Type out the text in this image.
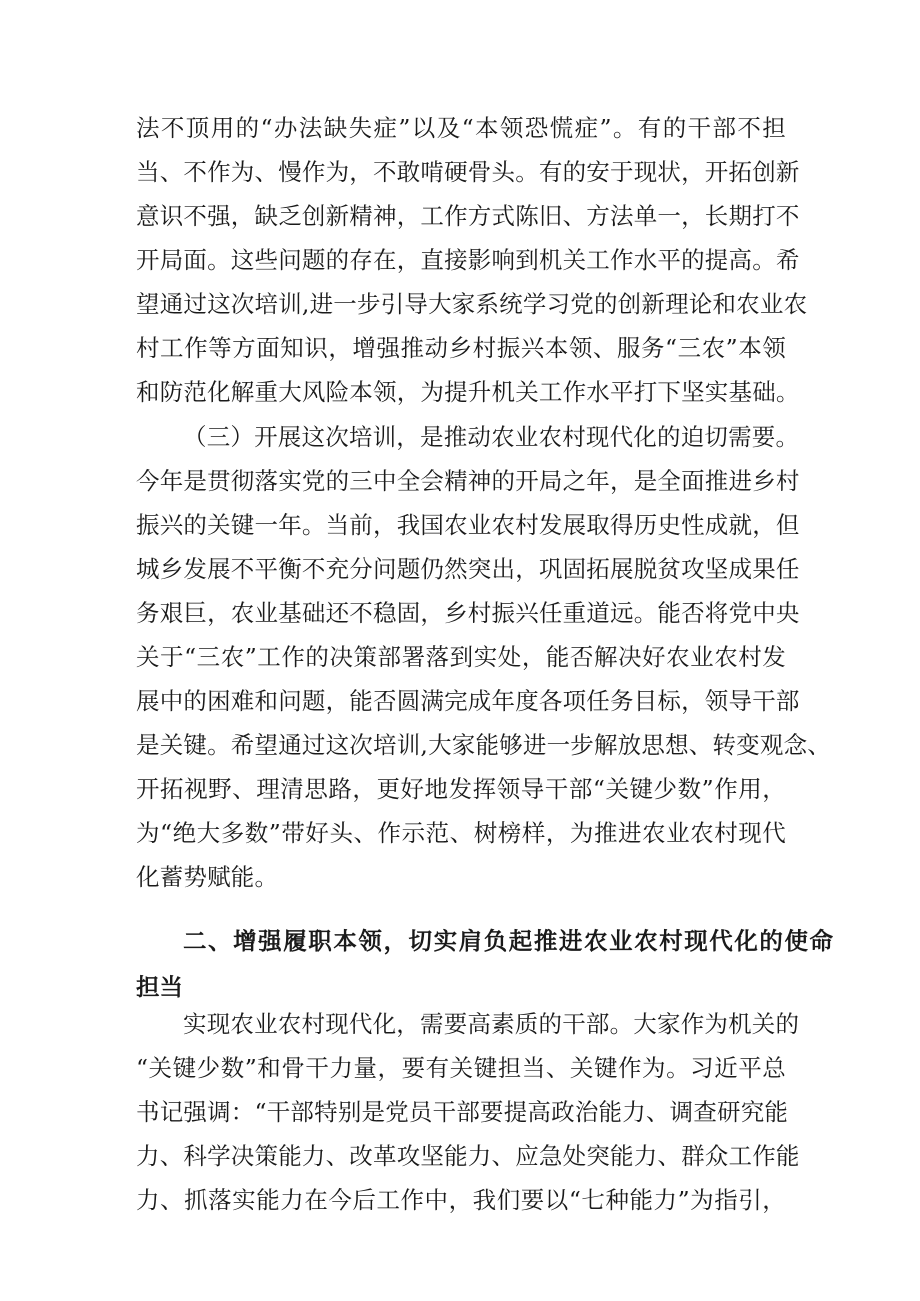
法不顶用的“办法缺失症”以及“本领恐慌症”。有的干部不担
当、不作为、慢作为，不敢啃硬骨头。有的安于现状，开拓创新
意识不强，缺乏创新精神，工作方式陈旧、方法单一，长期打不
开局面。这些问题的存在，直接影响到机关工作水平的提高。希
望通过这次培训,进一步引导大家系统学习党的创新理论和农业农
村工作等方面知识，增强推动乡村振兴本领、服务“三农”本领
和防范化解重大风险本领，为提升机关工作水平打下坚实基础。
（三）开展这次培训，是推动农业农村现代化的迫切需要。
今年是贯彻落实党的三中全会精神的开局之年，是全面推进乡村
振兴的关键一年。当前，我国农业农村发展取得历史性成就，但
城乡发展不平衡不充分问题仍然突出，巩固拓展脱贫攻坚成果任
务艰巨，农业基础还不稳固，乡村振兴任重道远。能否将党中央
关于“三农”工作的决策部署落到实处，能否解决好农业农村发
展中的困难和问题，能否圆满完成年度各项任务目标，领导干部
是关键。希望通过这次培训,大家能够进一步解放思想、转变观念、
开拓视野、理清思路，更好地发挥领导干部“关键少数”作用，
为“绝大多数”带好头、作示范、树榜样，为推进农业农村现代
化蓄势赋能。
二、增强履职本领，切实肩负起推进农业农村现代化的使命
担当
实现农业农村现代化，需要高素质的干部。大家作为机关的
“关键少数”和骨干力量，要有关键担当、关键作为。习近平总
书记强调：“干部特别是党员干部要提高政治能力、调查研究能
力、科学决策能力、改革攻坚能力、应急处突能力、群众工作能
力、抓落实能力在今后工作中，我们要以“七种能力”为指引，
